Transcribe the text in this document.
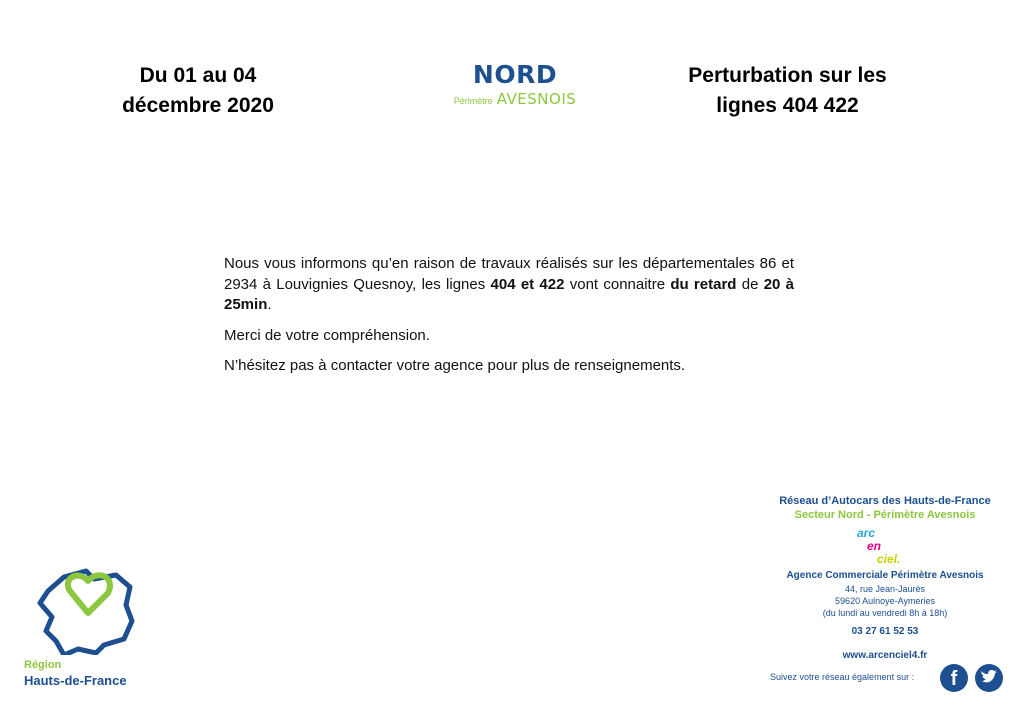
Du 01 au 04
décembre 2020
NORD
Périmètre AVESNOIS
Perturbation sur les
lignes 404 422

Nous vous informons qu’en raison de travaux réalisés sur les départementales 86 et 2934 à Louvignies Quesnoy, les lignes 404 et 422 vont connaitre du retard de 20 à 25min.

Merci de votre compréhension.

N’hésitez pas à contacter votre agence pour plus de renseignements.

Région
Hauts-de-France
Réseau d’Autocars des Hauts-de-France
Secteur Nord - Périmètre Avesnois
arc
en
ciel.
Agence Commerciale Périmètre Avesnois
44, rue Jean-Jaurès
59620 Aulnoye-Aymeries
(du lundi au vendredi 8h à 18h)
03 27 61 52 53
www.arcenciel4.fr
Suivez votre réseau également sur :	f
